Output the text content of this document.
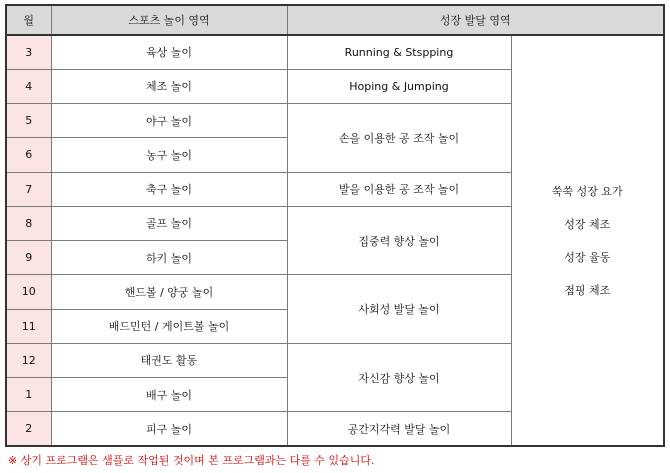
월	스포츠 놀이 영역	성장 발달 영역	
3	육상 놀이	Running & Stspping	쑥쑥 성장 요가
성장 체조
성장 율동
점핑 체조

4	체조 놀이	Hoping & Jumping	
5	야구 놀이	손을 이용한 공 조작 놀이	
6	농구 놀이		
7	축구 놀이	발을 이용한 공 조작 놀이	
8	골프 놀이	집중력 향상 놀이	
9	하키 놀이		
10	핸드볼 / 양궁 놀이	사회성 발달 놀이	
11	배드민턴 / 게이트볼 놀이		
12	태권도 활동	자신감 향상 놀이	
1	배구 놀이		
2	피구 놀이	공간지각력 발달 놀이	
※ 상기 프로그램은 샘플로 작업된 것이며 본 프로그램과는 다를 수 있습니다.
